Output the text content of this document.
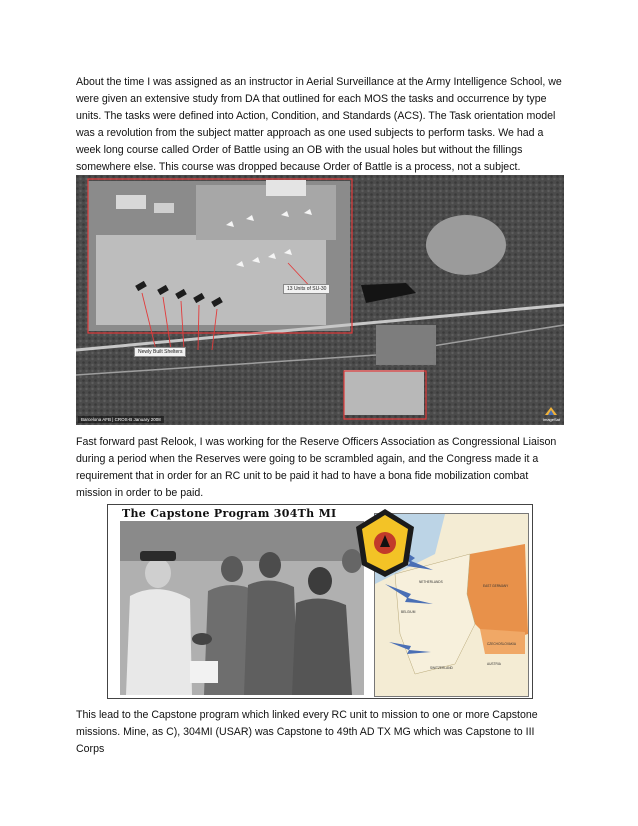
About the time I was assigned as an instructor in Aerial Surveillance at the Army Intelligence School, we were given an extensive study from DA that outlined for each MOS the tasks and occurrence by type units. The tasks were defined into Action, Condition, and Standards (ACS). The Task orientation model was a revolution from the subject matter approach as one used subjects to perform tasks. We had a week long course called Order of Battle using an OB with the usual holes but without the fillings somewhere else. This course was dropped because Order of Battle is a process, not a subject.

13 Units of SU-30
Newly Built Shelters
Barcelona AFB | CROS-B January 2008	ImageSat

Fast forward past Relook, I was working for the Reserve Officers Association as Congressional Liaison during a period when the Reserves were going to be scrambled again, and the Congress made it a requirement that in order for an RC unit to be paid it had to have a bona fide mobilization combat mission in order to be paid.

The Capstone Program 304Th MI
EAST GERMANY
CZECHOSLOVAKIA
SWITZERLAND
AUSTRIA
BELGIUM
NETHERLANDS

This lead to the Capstone program which linked every RC unit to mission to one or more Capstone missions. Mine, as C), 304MI (USAR) was Capstone to 49th AD TX MG which was Capstone to III Corps
